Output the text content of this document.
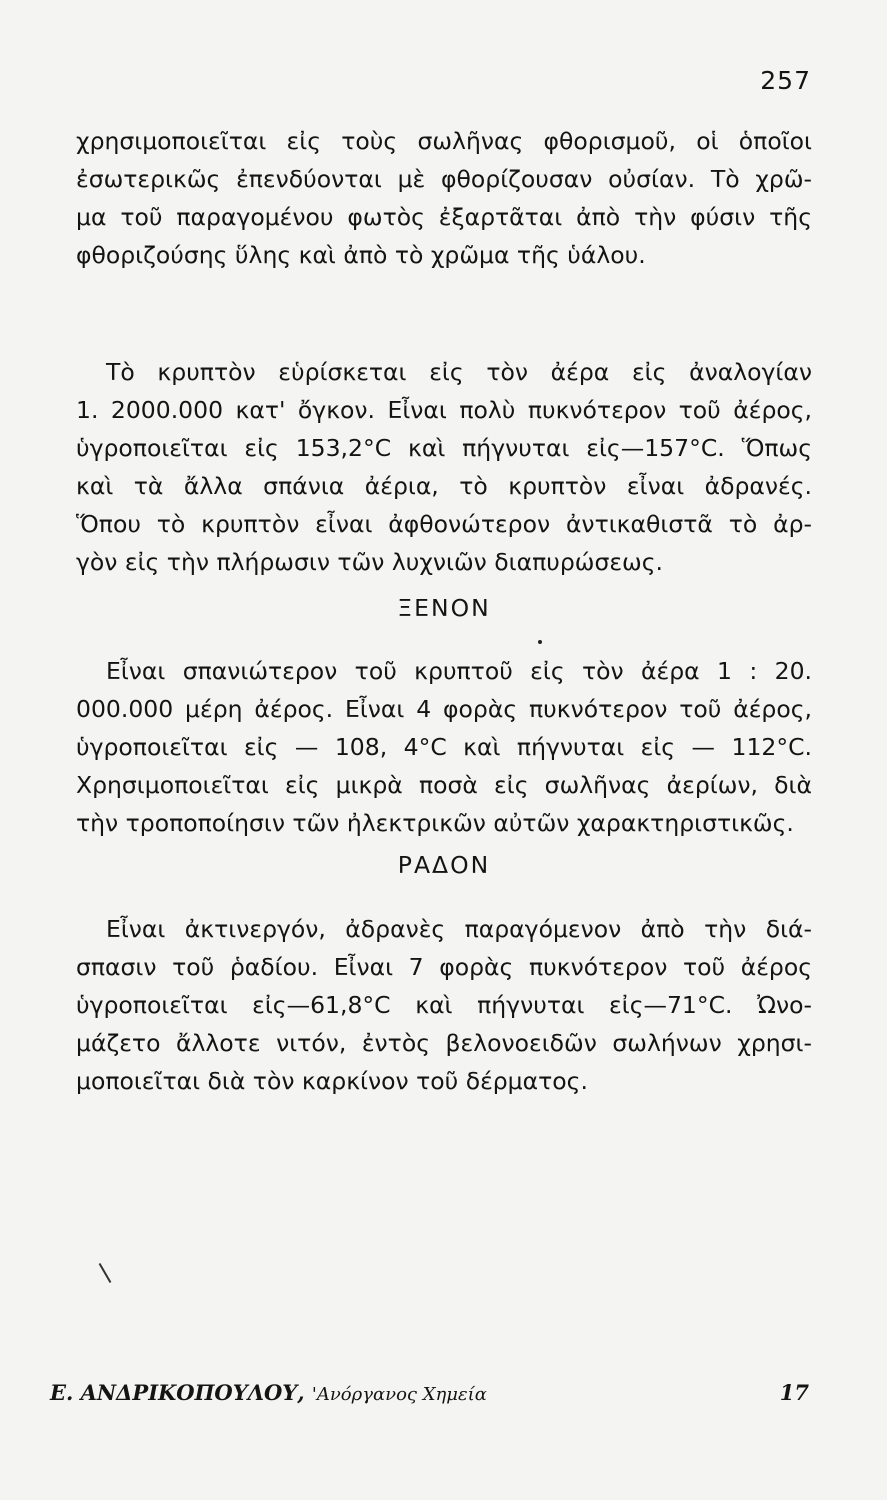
257
χρησιμοποιεῖται εἰς τοὺς σωλῆνας φθορισμοῦ, οἱ ὁποῖοι
ἐσωτερικῶς ἐπενδύονται μὲ φθορίζουσαν οὐσίαν. Τὸ χρῶ-
μα τοῦ παραγομένου φωτὸς ἐξαρτᾶται ἀπὸ τὴν φύσιν τῆς
φθοριζούσης ὕλης καὶ ἀπὸ τὸ χρῶμα τῆς ὑάλου.
Τὸ κρυπτὸν εὑρίσκεται εἰς τὸν ἀέρα εἰς ἀναλογίαν
1. 2000.000 κατ' ὄγκον. Εἶναι πολὺ πυκνότερον τοῦ ἀέρος,
ὑγροποιεῖται εἰς 153,2°C καὶ πήγνυται εἰς—157°C. Ὅπως
καὶ τὰ ἄλλα σπάνια ἀέρια, τὸ κρυπτὸν εἶναι ἀδρανές.
Ὅπου τὸ κρυπτὸν εἶναι ἀφθονώτερον ἀντικαθιστᾶ τὸ ἀρ-
γὸν εἰς τὴν πλήρωσιν τῶν λυχνιῶν διαπυρώσεως.
ΞΕΝΟΝ
Εἶναι σπανιώτερον τοῦ κρυπτοῦ εἰς τὸν ἀέρα 1 : 20.
000.000 μέρη ἀέρος. Εἶναι 4 φορὰς πυκνότερον τοῦ ἀέρος,
ὑγροποιεῖται εἰς — 108, 4°C καὶ πήγνυται εἰς — 112°C.
Χρησιμοποιεῖται εἰς μικρὰ ποσὰ εἰς σωλῆνας ἀερίων, διὰ
τὴν τροποποίησιν τῶν ἠλεκτρικῶν αὐτῶν χαρακτηριστικῶς.
ΡΑΔΟΝ
Εἶναι ἀκτινεργόν, ἀδρανὲς παραγόμενον ἀπὸ τὴν διά-
σπασιν τοῦ ῥαδίου. Εἶναι 7 φορὰς πυκνότερον τοῦ ἀέρος
ὑγροποιεῖται εἰς—61,8°C καὶ πήγνυται εἰς—71°C. Ὠνο-
μάζετο ἄλλοτε νιτόν, ἐντὸς βελονοειδῶν σωλήνων χρησι-
μοποιεῖται διὰ τὸν καρκίνον τοῦ δέρματος.
Ε. ΑΝΔΡΙΚΟΠΟΥΛΟΥ, 'Ανόργανος Χημεία	17
